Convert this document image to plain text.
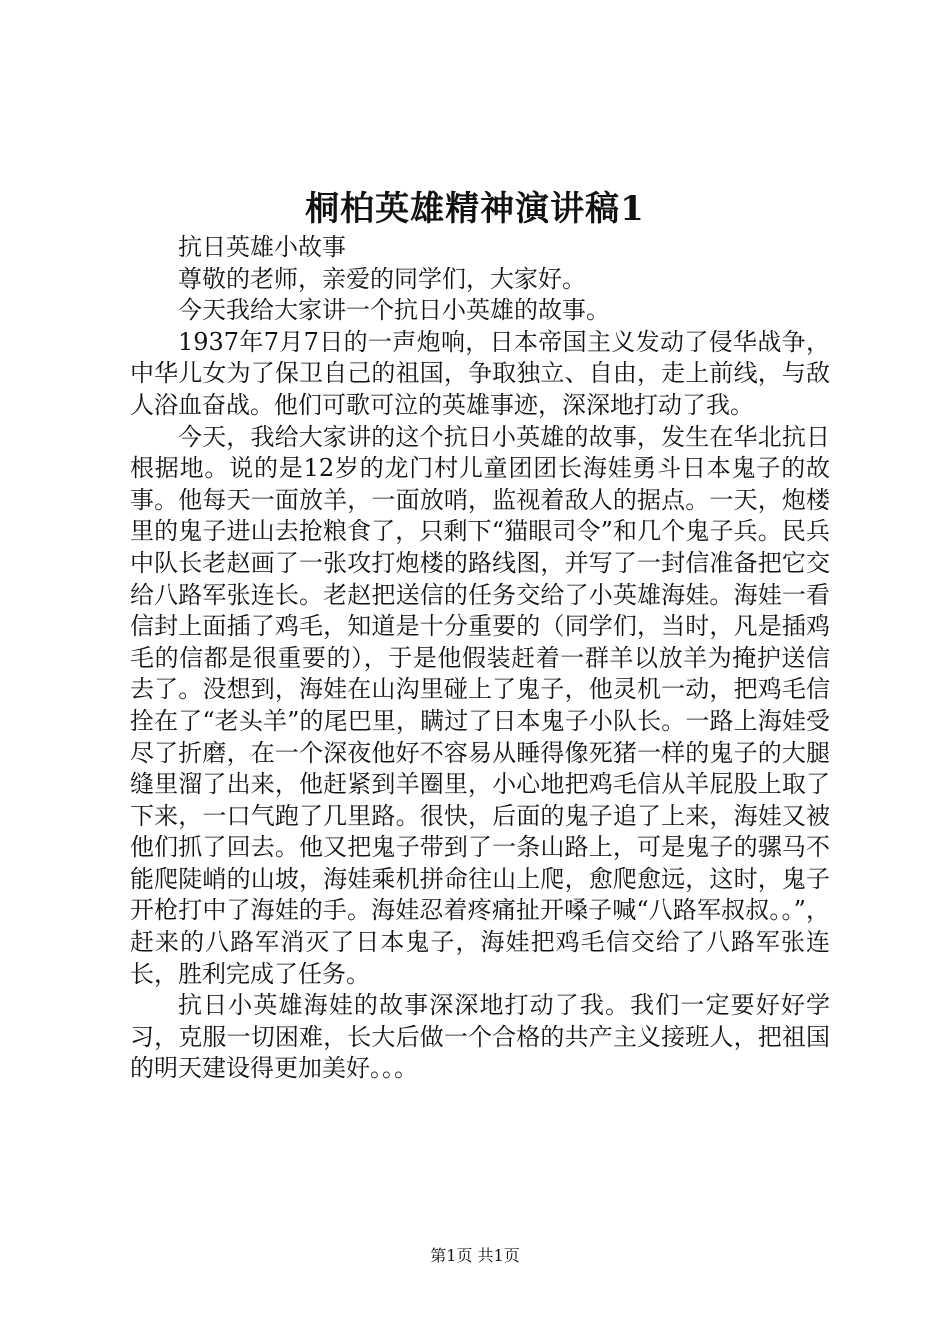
桐柏英雄精神演讲稿1

抗日英雄小故事

尊敬的老师，亲爱的同学们，大家好。

今天我给大家讲一个抗日小英雄的故事。

1937年7月7日的一声炮响，日本帝国主义发动了侵华战争，中华儿女为了保卫自己的祖国，争取独立、自由，走上前线，与敌人浴血奋战。他们可歌可泣的英雄事迹，深深地打动了我。

今天，我给大家讲的这个抗日小英雄的故事，发生在华北抗日根据地。说的是12岁的龙门村儿童团团长海娃勇斗日本鬼子的故事。他每天一面放羊，一面放哨，监视着敌人的据点。一天，炮楼里的鬼子进山去抢粮食了，只剩下“猫眼司令”和几个鬼子兵。民兵中队长老赵画了一张攻打炮楼的路线图，并写了一封信准备把它交给八路军张连长。老赵把送信的任务交给了小英雄海娃。海娃一看信封上面插了鸡毛，知道是十分重要的（同学们，当时，凡是插鸡毛的信都是很重要的），于是他假装赶着一群羊以放羊为掩护送信去了。没想到，海娃在山沟里碰上了鬼子，他灵机一动，把鸡毛信拴在了“老头羊”的尾巴里，瞒过了日本鬼子小队长。一路上海娃受尽了折磨，在一个深夜他好不容易从睡得像死猪一样的鬼子的大腿缝里溜了出来，他赶紧到羊圈里，小心地把鸡毛信从羊屁股上取了下来，一口气跑了几里路。很快，后面的鬼子追了上来，海娃又被他们抓了回去。他又把鬼子带到了一条山路上，可是鬼子的骡马不能爬陡峭的山坡，海娃乘机拼命往山上爬，愈爬愈远，这时，鬼子开枪打中了海娃的手。海娃忍着疼痛扯开嗓子喊“八路军叔叔。。”，赶来的八路军消灭了日本鬼子，海娃把鸡毛信交给了八路军张连长，胜利完成了任务。

抗日小英雄海娃的故事深深地打动了我。我们一定要好好学习，克服一切困难，长大后做一个合格的共产主义接班人，把祖国的明天建设得更加美好。。。

第1页 共1页
